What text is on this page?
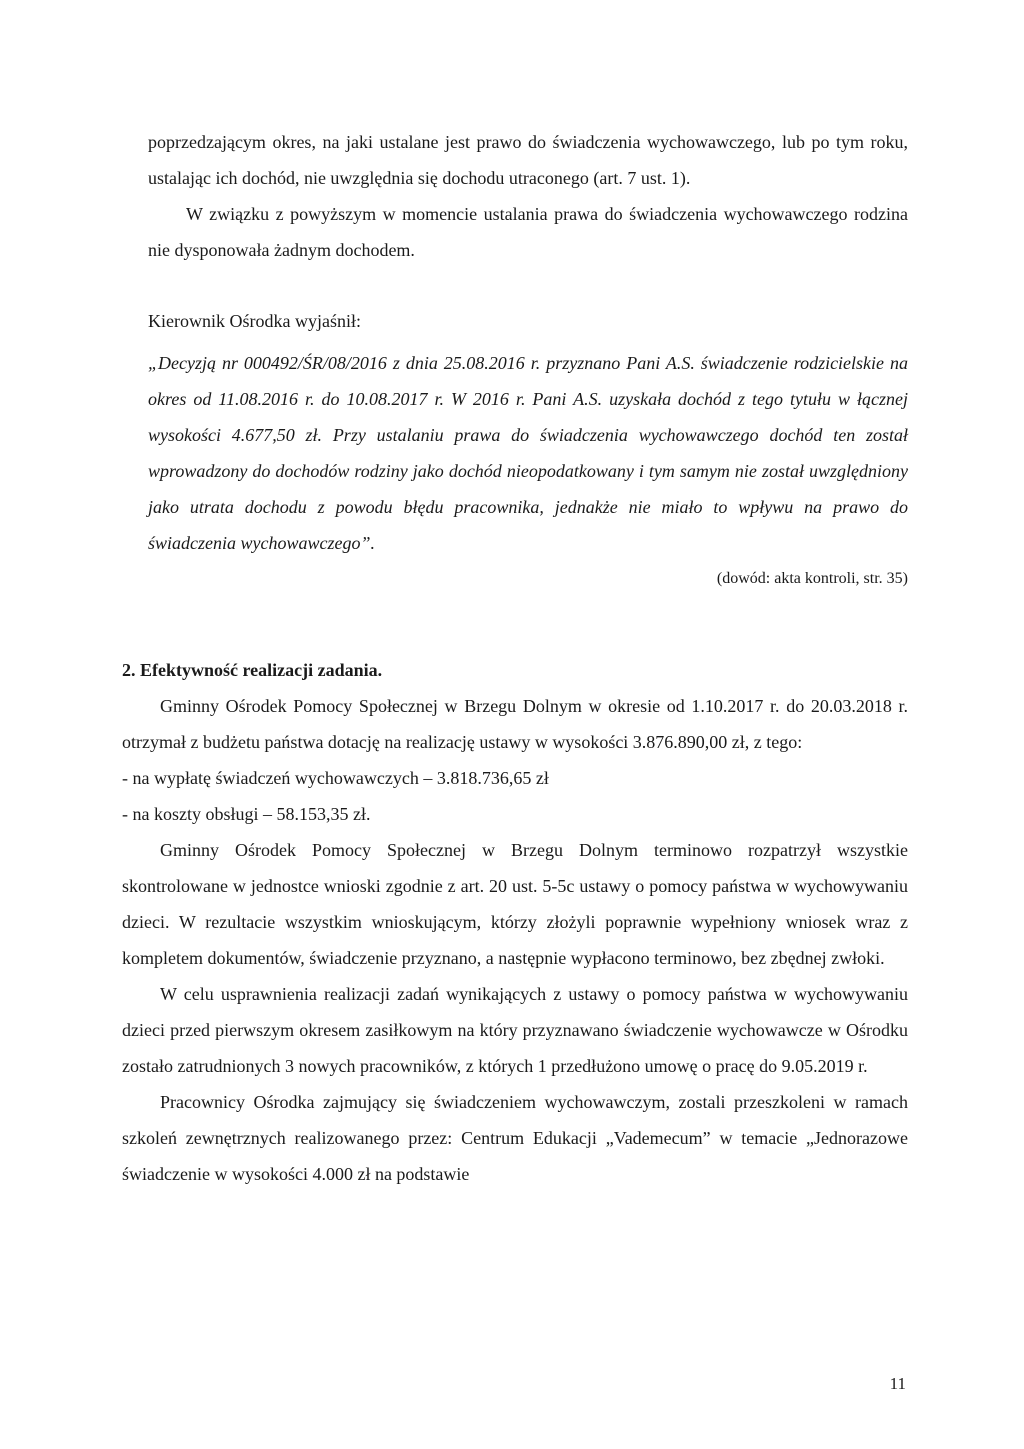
poprzedzającym okres, na jaki ustalane jest prawo do świadczenia wychowawczego, lub po tym roku, ustalając ich dochód, nie uwzględnia się dochodu utraconego (art. 7 ust. 1).

W związku z powyższym w momencie ustalania prawa do świadczenia wychowawczego rodzina nie dysponowała żadnym dochodem.

Kierownik Ośrodka wyjaśnił:

„Decyzją nr 000492/ŚR/08/2016 z dnia 25.08.2016 r. przyznano Pani A.S. świadczenie rodzicielskie na okres od 11.08.2016 r. do 10.08.2017 r. W 2016 r. Pani A.S. uzyskała dochód z tego tytułu w łącznej wysokości 4.677,50 zł. Przy ustalaniu prawa do świadczenia wychowawczego dochód ten został wprowadzony do dochodów rodziny jako dochód nieopodatkowany i tym samym nie został uwzględniony jako utrata dochodu z powodu błędu pracownika, jednakże nie miało to wpływu na prawo do świadczenia wychowawczego”.

(dowód: akta kontroli, str. 35)

2. Efektywność realizacji zadania.

Gminny Ośrodek Pomocy Społecznej w Brzegu Dolnym w okresie od 1.10.2017 r. do 20.03.2018 r. otrzymał z budżetu państwa dotację na realizację ustawy w wysokości 3.876.890,00 zł, z tego:

- na wypłatę świadczeń wychowawczych – 3.818.736,65 zł

- na koszty obsługi – 58.153,35 zł.

Gminny Ośrodek Pomocy Społecznej w Brzegu Dolnym terminowo rozpatrzył wszystkie skontrolowane w jednostce wnioski zgodnie z art. 20 ust. 5-5c ustawy o pomocy państwa w wychowywaniu dzieci. W rezultacie wszystkim wnioskującym, którzy złożyli poprawnie wypełniony wniosek wraz z kompletem dokumentów, świadczenie przyznano, a następnie wypłacono terminowo, bez zbędnej zwłoki.

W celu usprawnienia realizacji zadań wynikających z ustawy o pomocy państwa w wychowywaniu dzieci przed pierwszym okresem zasiłkowym na który przyznawano świadczenie wychowawcze w Ośrodku zostało zatrudnionych 3 nowych pracowników, z których 1 przedłużono umowę o pracę do 9.05.2019 r.

Pracownicy Ośrodka zajmujący się świadczeniem wychowawczym, zostali przeszkoleni w ramach szkoleń zewnętrznych realizowanego przez: Centrum Edukacji „Vademecum” w temacie „Jednorazowe świadczenie w wysokości 4.000 zł na podstawie

11
